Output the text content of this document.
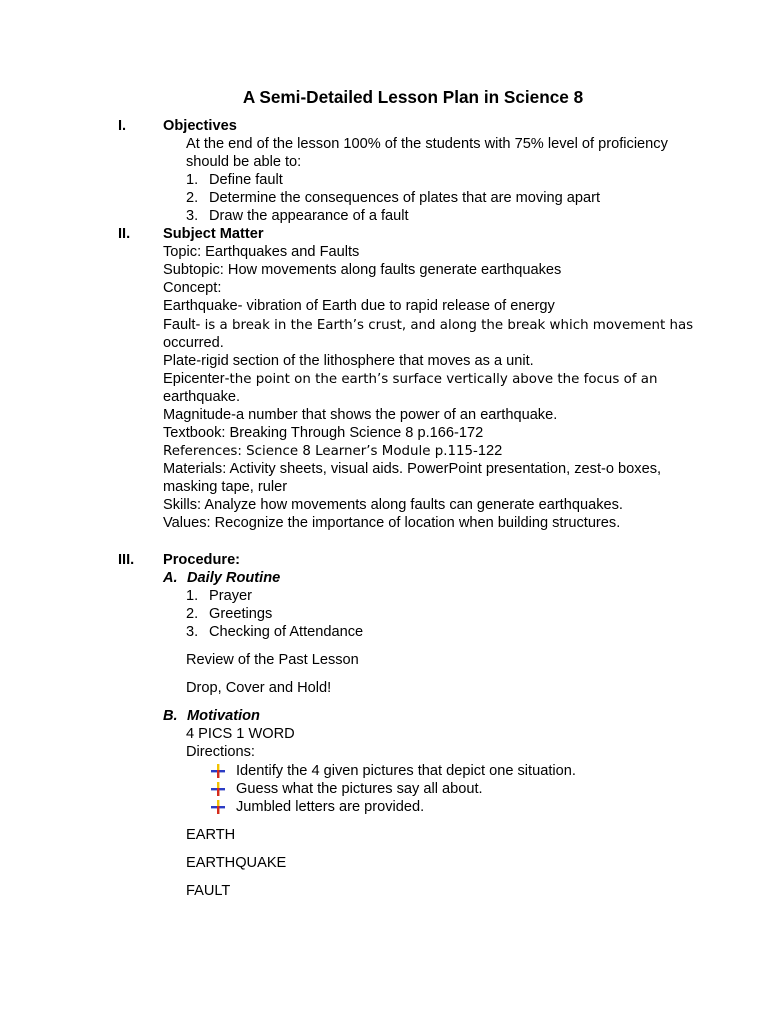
A Semi-Detailed Lesson Plan in Science 8
I.	Objectives
At the end of the lesson 100% of the students with 75% level of proficiency
should be able to:
1. Define fault
2. Determine the consequences of plates that are moving apart
3. Draw the appearance of a fault
II. Subject Matter
Topic: Earthquakes and Faults
Subtopic: How movements along faults generate earthquakes
Concept:
Earthquake- vibration of Earth due to rapid release of energy
Fault- is a break in the Earth’s crust, and along the break which movement has
occurred.
Plate-rigid section of the lithosphere that moves as a unit.
Epicenter-the point on the earth’s surface vertically above the focus of an
earthquake.
Magnitude-a number that shows the power of an earthquake.
Textbook: Breaking Through Science 8 p.166-172
References: Science 8 Learner’s Module p.115-122
Materials: Activity sheets, visual aids. PowerPoint presentation, zest-o boxes,
masking tape, ruler
Skills: Analyze how movements along faults can generate earthquakes.
Values: Recognize the importance of location when building structures.
III. Procedure:
A. Daily Routine
1. Prayer
2. Greetings
3. Checking of Attendance
Review of the Past Lesson
Drop, Cover and Hold!
B. Motivation
4 PICS 1 WORD
Directions:
Identify the 4 given pictures that depict one situation.
Guess what the pictures say all about.
Jumbled letters are provided.
EARTH
EARTHQUAKE
FAULT
